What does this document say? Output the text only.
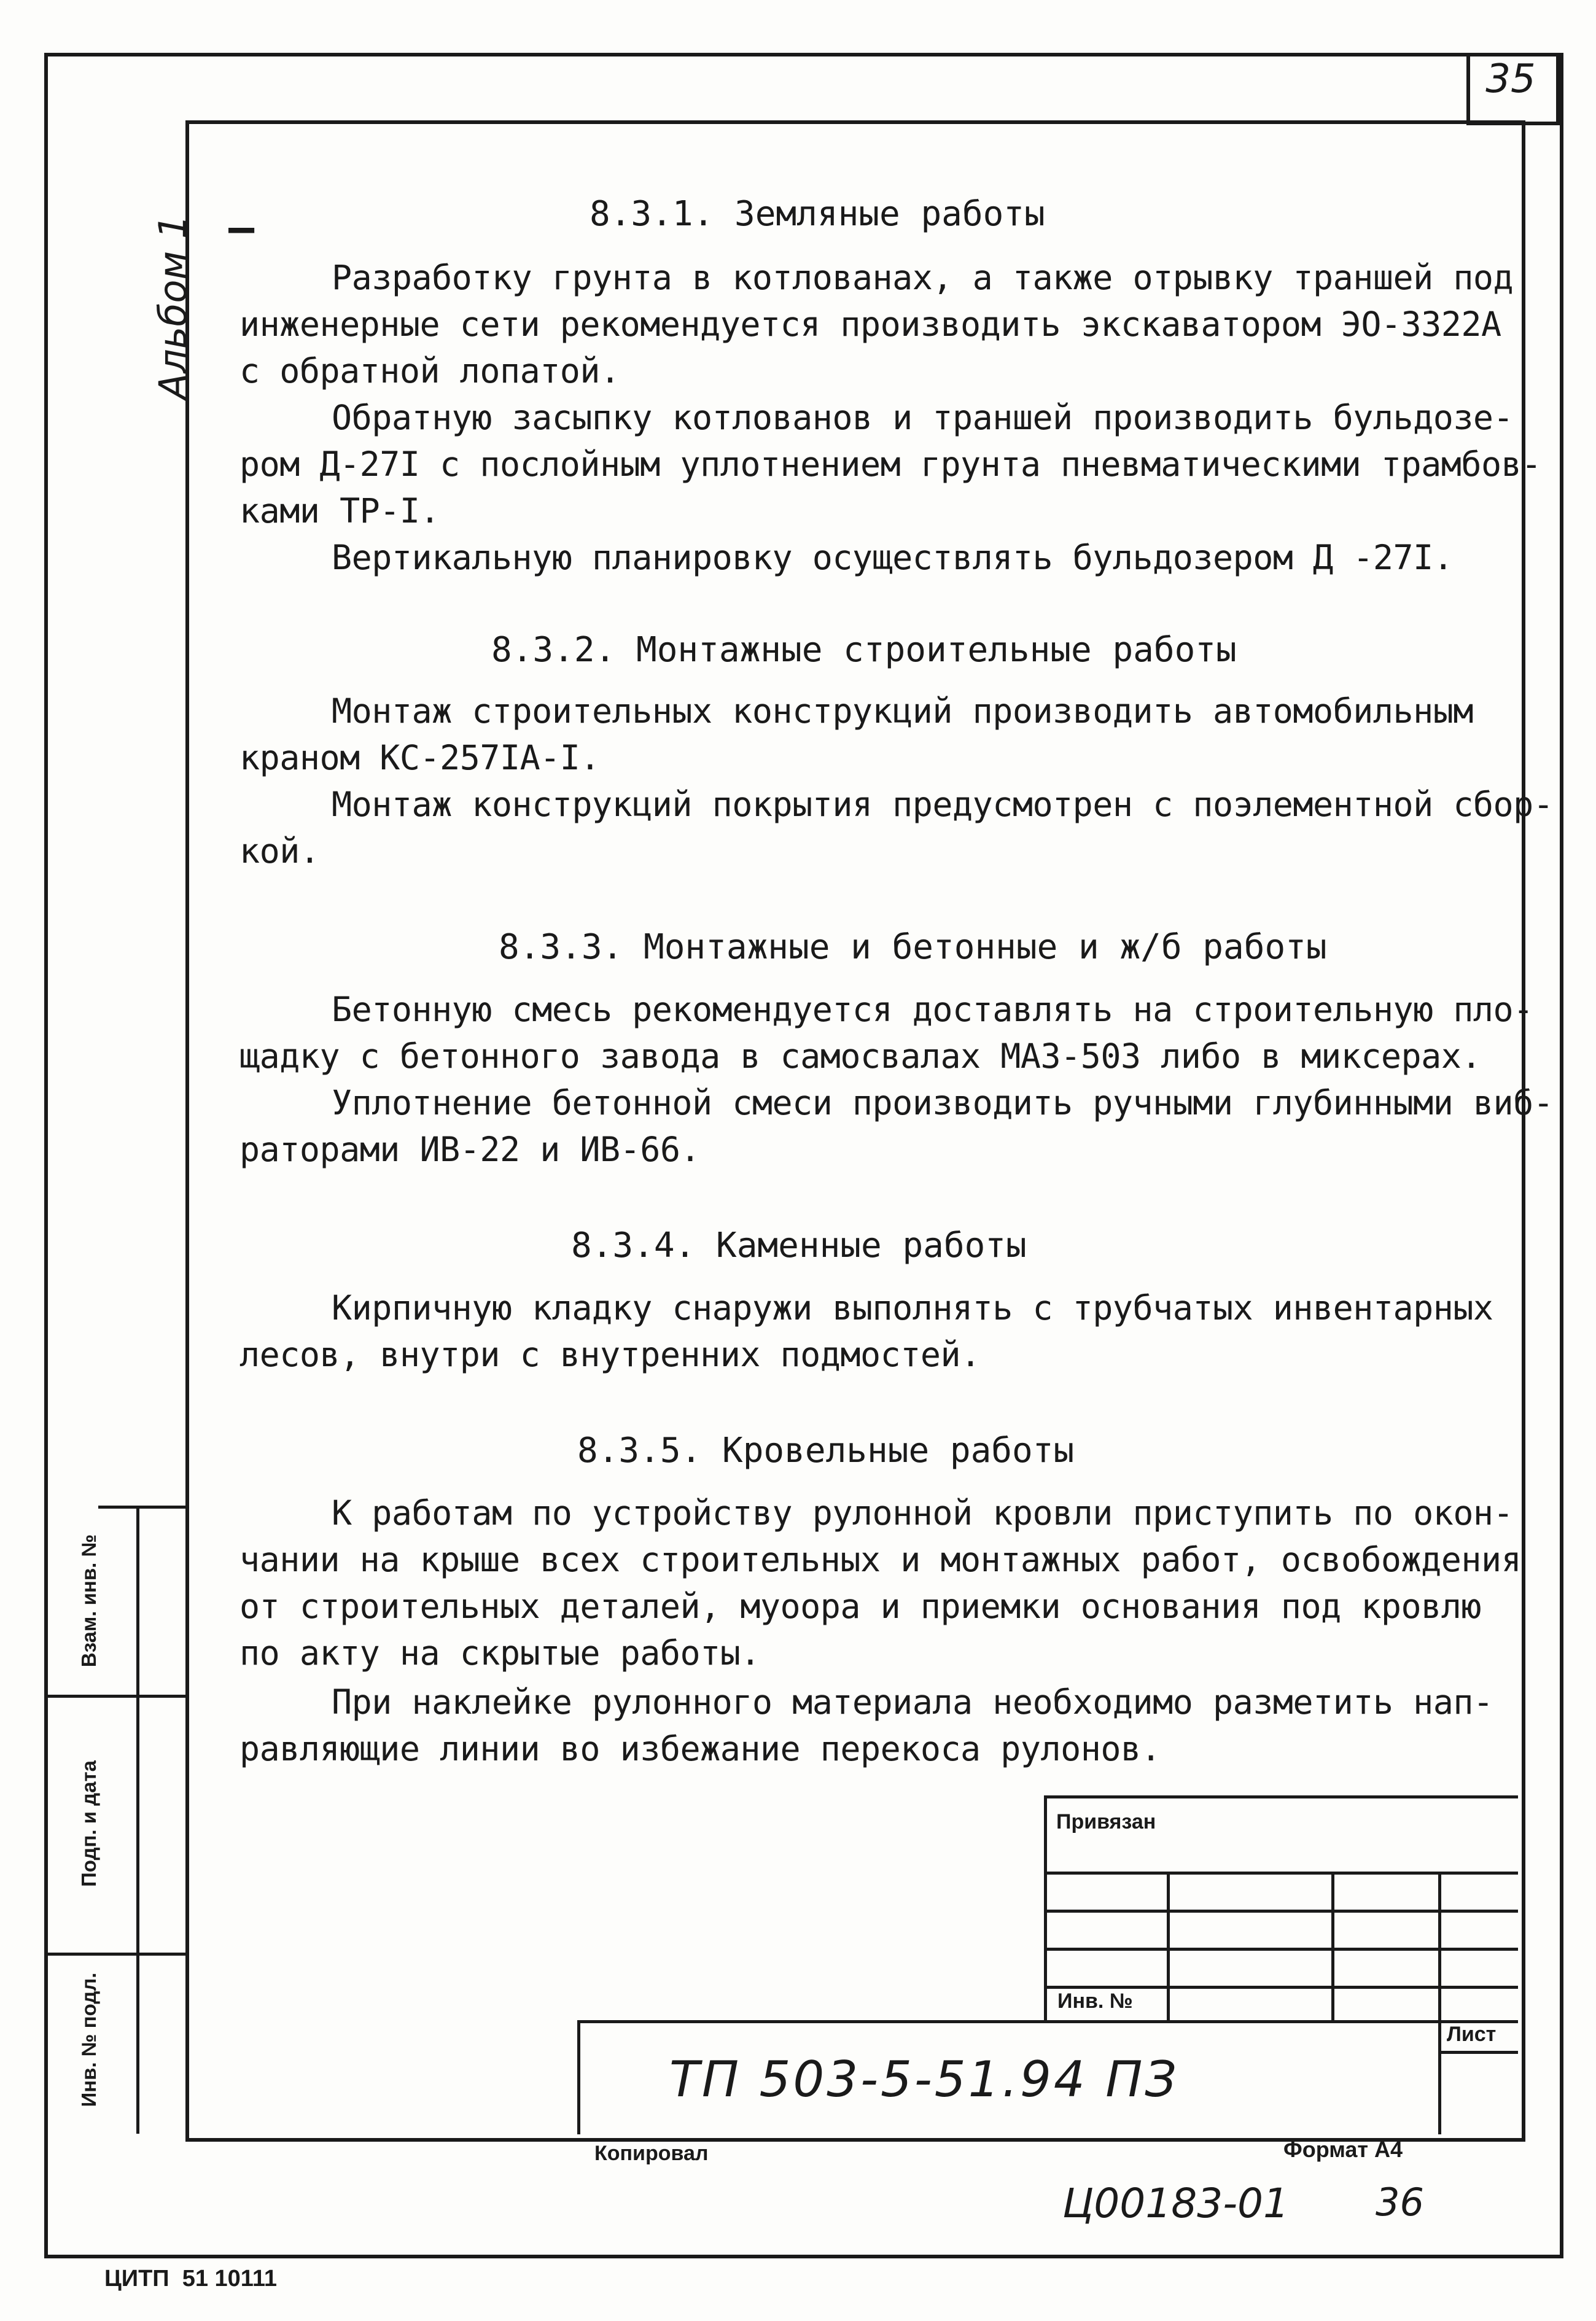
35
Альбом 1 –	8.3.1. Земляные работы
Разработку грунта в котлованах, а также отрывку траншей под
инженерные сети рекомендуется производить экскаватором ЭО-3322А
с обратной лопатой.
Обратную засыпку котлованов и траншей производить бульдозе-
ром Д-27I с послойным уплотнением грунта пневматическими трамбов-
ками ТР-I.
Вертикальную планировку осуществлять бульдозером Д -27I.
8.3.2. Монтажные строительные работы
Монтаж строительных конструкций производить автомобильным
краном КС-257IА-I.
Монтаж конструкций покрытия предусмотрен с поэлементной сбор-
кой.
8.3.3. Монтажные и бетонные и ж/б работы
Бетонную смесь рекомендуется доставлять на строительную пло-
щадку с бетонного завода в самосвалах МАЗ-503 либо в миксерах.
Уплотнение бетонной смеси производить ручными глубинными виб-
раторами ИВ-22 и ИВ-66.
8.3.4. Каменные работы
Кирпичную кладку снаружи выполнять с трубчатых инвентарных
лесов, внутри с внутренних подмостей.
8.3.5. Кровельные работы
К работам по устройству рулонной кровли приступить по окон-
чании на крыше всех строительных и монтажных работ, освобождения
от строительных деталей, муоора и приемки основания под кровлю
по акту на скрытые работы.
При наклейке рулонного материала необходимо разметить нап-
равляющие линии во избежание перекоса рулонов.
Взам. инв. №
Подп. и дата
Инв. № подл.
Привязан
Инв. №
Лист
ТП 503-5-51.94 ПЗ
Копировал	Формат А4
Ц00183-01 36
ЦИТП  51 10111
